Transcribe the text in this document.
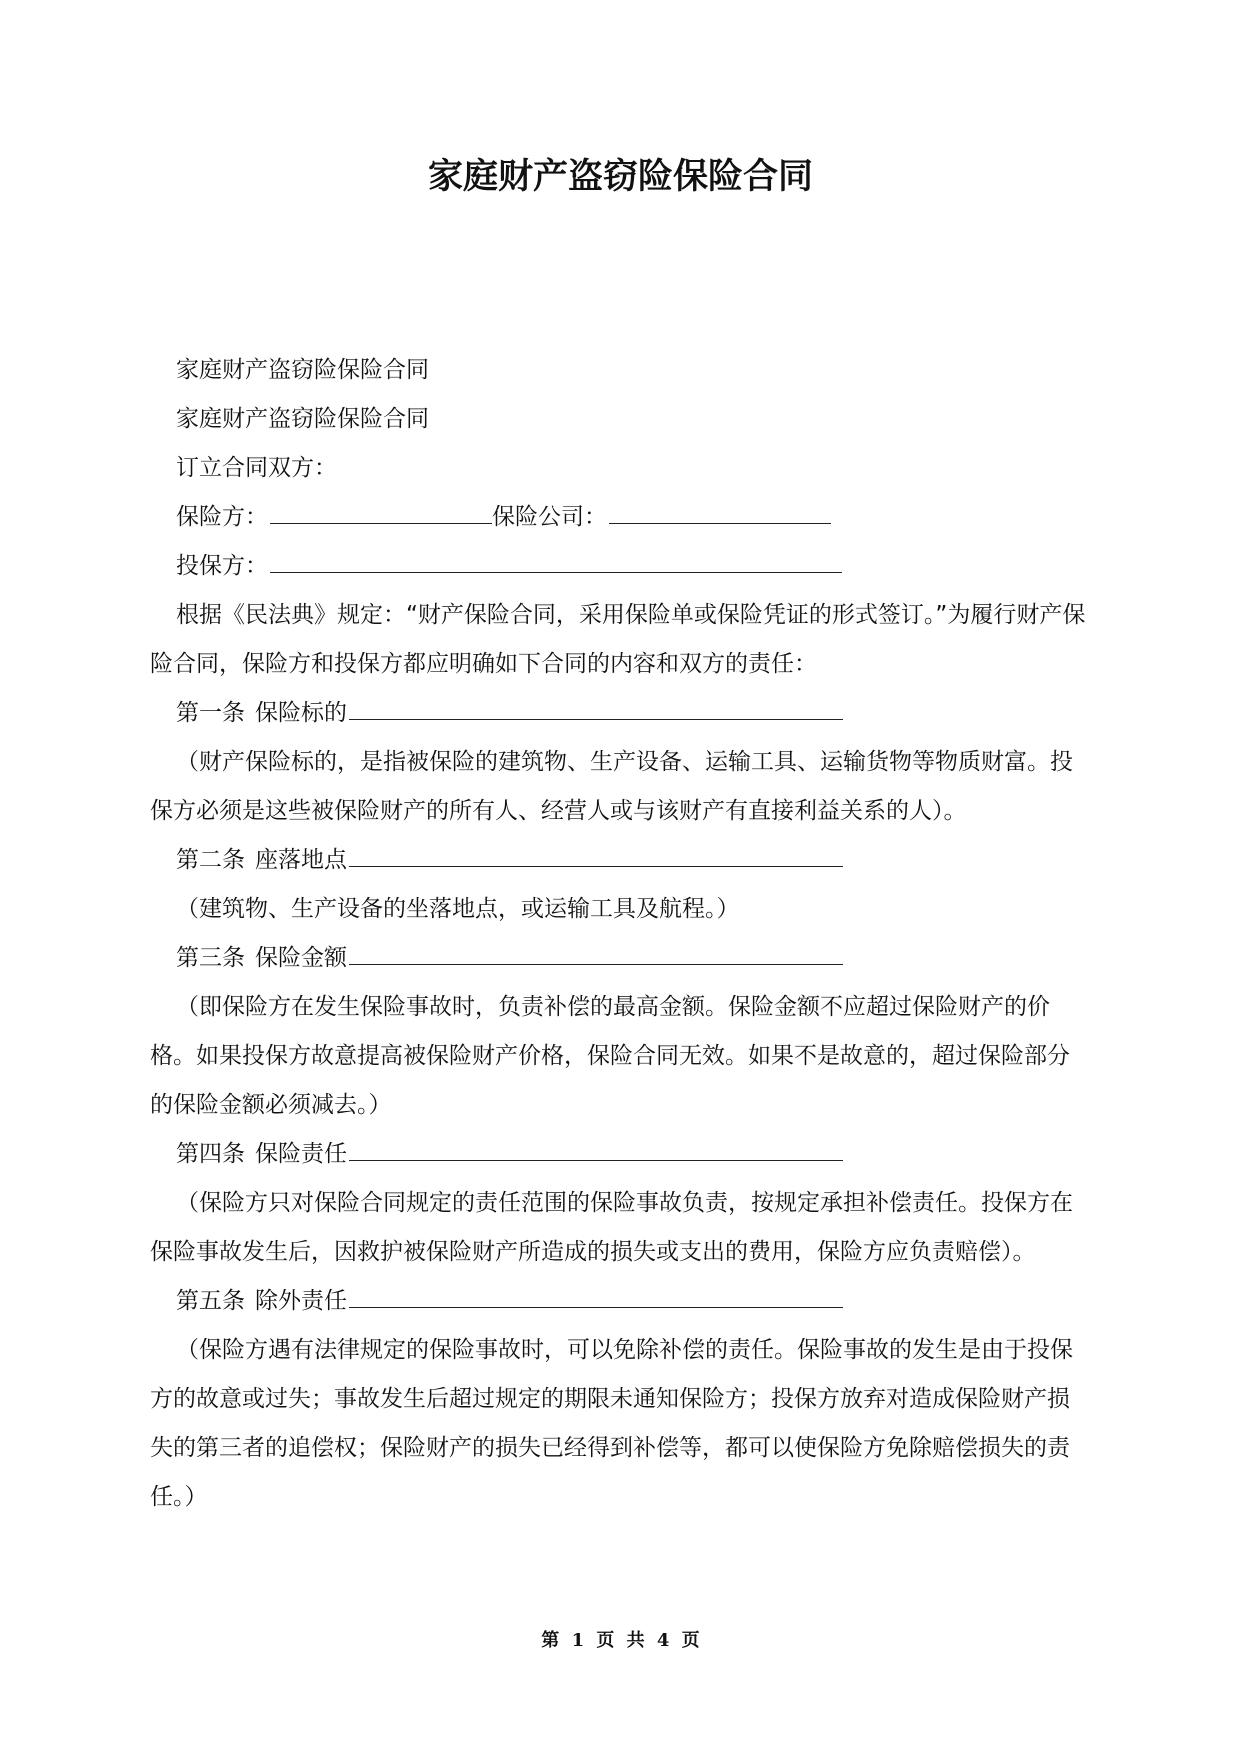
家庭财产盗窃险保险合同

家庭财产盗窃险保险合同

家庭财产盗窃险保险合同

订立合同双方：

保险方：	保险公司：

投保方：

根据《民法典》规定：“财产保险合同，采用保险单或保险凭证的形式签订。”为履行财产保险合同，保险方和投保方都应明确如下合同的内容和双方的责任：

第一条 保险标的

（财产保险标的，是指被保险的建筑物、生产设备、运输工具、运输货物等物质财富。投保方必须是这些被保险财产的所有人、经营人或与该财产有直接利益关系的人）。

第二条 座落地点

（建筑物、生产设备的坐落地点，或运输工具及航程。）

第三条 保险金额

（即保险方在发生保险事故时，负责补偿的最高金额。保险金额不应超过保险财产的价格。如果投保方故意提高被保险财产价格，保险合同无效。如果不是故意的，超过保险部分的保险金额必须减去。）

第四条 保险责任

（保险方只对保险合同规定的责任范围的保险事故负责，按规定承担补偿责任。投保方在保险事故发生后，因救护被保险财产所造成的损失或支出的费用，保险方应负责赔偿）。

第五条 除外责任

（保险方遇有法律规定的保险事故时，可以免除补偿的责任。保险事故的发生是由于投保方的故意或过失；事故发生后超过规定的期限未通知保险方；投保方放弃对造成保险财产损失的第三者的追偿权；保险财产的损失已经得到补偿等，都可以使保险方免除赔偿损失的责任。）

第 1 页 共 4 页
